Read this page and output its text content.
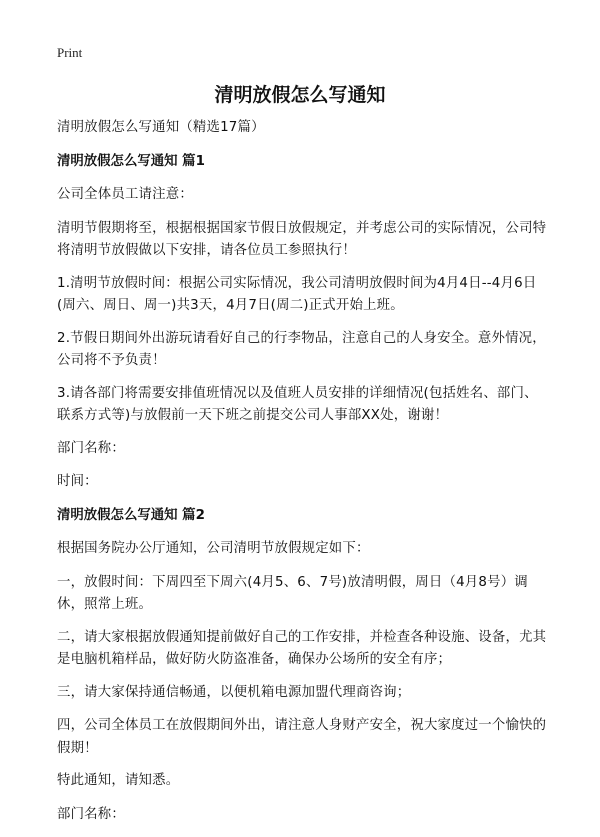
Print
清明放假怎么写通知

清明放假怎么写通知（精选17篇）

清明放假怎么写通知 篇1

公司全体员工请注意：

清明节假期将至，根据根据国家节假日放假规定，并考虑公司的实际情况，公司特将清明节放假做以下安排，请各位员工参照执行！

1.清明节放假时间：根据公司实际情况，我公司清明放假时间为4月4日--4月6日(周六、周日、周一)共3天，4月7日(周二)正式开始上班。

2.节假日期间外出游玩请看好自己的行李物品，注意自己的人身安全。意外情况，公司将不予负责！

3.请各部门将需要安排值班情况以及值班人员安排的详细情况(包括姓名、部门、联系方式等)与放假前一天下班之前提交公司人事部XX处，谢谢！

部门名称：

时间：

清明放假怎么写通知 篇2

根据国务院办公厅通知，公司清明节放假规定如下：

一，放假时间：下周四至下周六(4月5、6、7号)放清明假，周日（4月8号）调休，照常上班。

二，请大家根据放假通知提前做好自己的工作安排，并检查各种设施、设备，尤其是电脑机箱样品，做好防火防盗准备，确保办公场所的安全有序；

三，请大家保持通信畅通，以便机箱电源加盟代理商咨询；

四，公司全体员工在放假期间外出，请注意人身财产安全，祝大家度过一个愉快的假期！

特此通知，请知悉。

部门名称：
